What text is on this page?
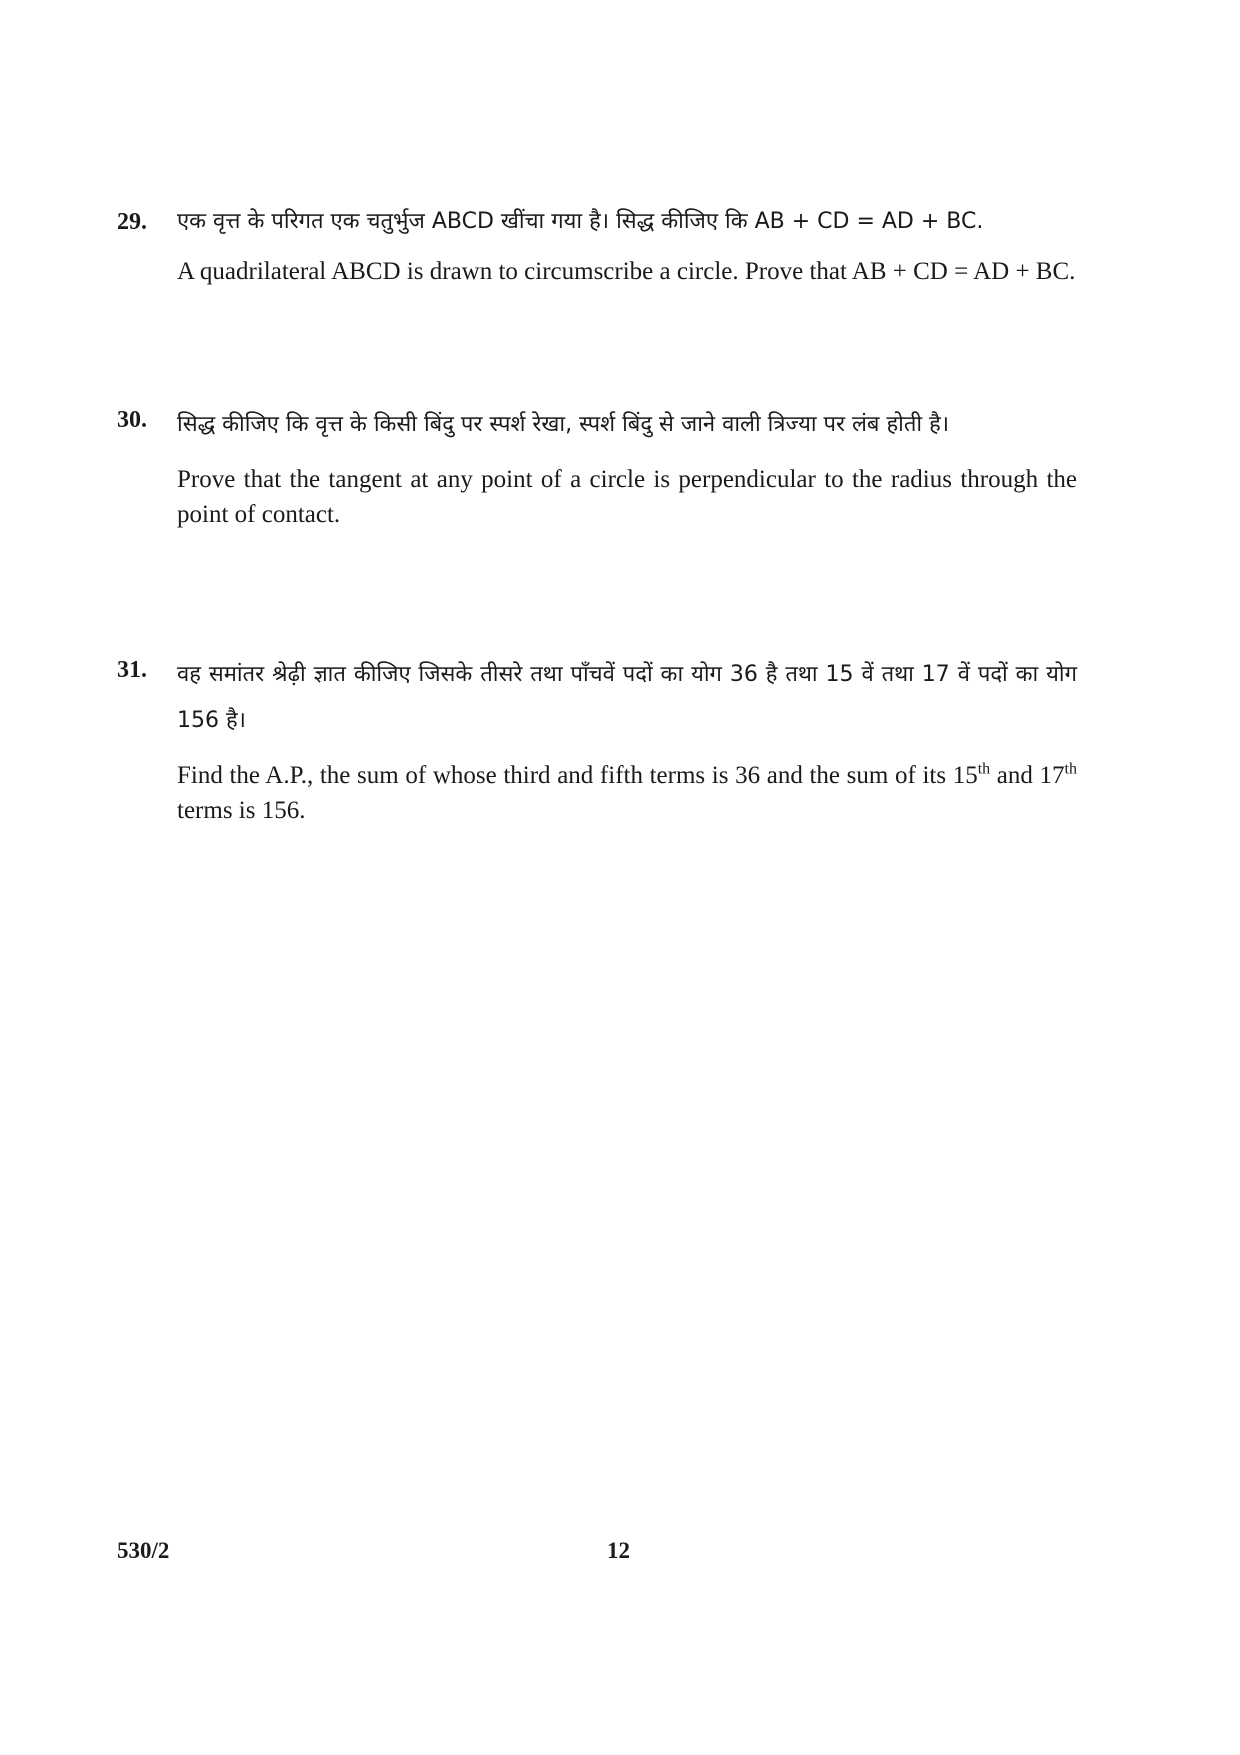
29. एक वृत्त के परिगत एक चतुर्भुज ABCD खींचा गया है। सिद्ध कीजिए कि AB + CD = AD + BC.

A quadrilateral ABCD is drawn to circumscribe a circle. Prove that AB + CD = AD + BC.

30. सिद्ध कीजिए कि वृत्त के किसी बिंदु पर स्पर्श रेखा, स्पर्श बिंदु से जाने वाली त्रिज्या पर लंब होती है।

Prove that the tangent at any point of a circle is perpendicular to the radius through the point of contact.

31. वह समांतर श्रेढ़ी ज्ञात कीजिए जिसके तीसरे तथा पाँचवें पदों का योग 36 है तथा 15 वें तथा 17 वें पदों का योग 156 है।

Find the A.P., the sum of whose third and fifth terms is 36 and the sum of its 15th and 17th terms is 156.

530/2	12
